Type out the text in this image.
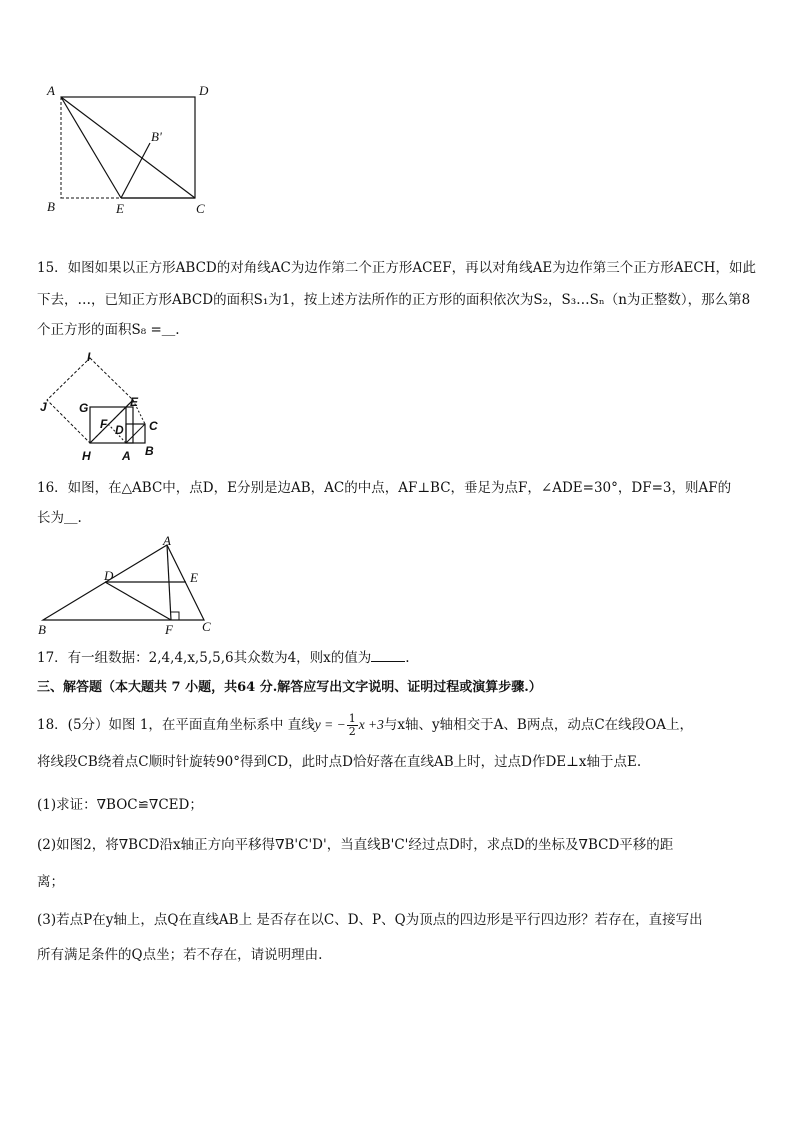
A	D
B'
B	E	C
15．如图如果以正方形ABCD的对角线AC为边作第二个正方形ACEF，再以对角线AE为边作第三个正方形AECH，如此
下去，…，已知正方形ABCD的面积S₁为1，按上述方法所作的正方形的面积依次为S₂，S₃…Sₙ（n为正整数），那么第8
个正方形的面积S₈ =＿.
I
J	G	E
F D C
H	A B
16．如图，在△ABC中，点D，E分别是边AB，AC的中点，AF⊥BC，垂足为点F，∠ADE=30°，DF=3，则AF的
长为＿.
A
D	E
B	F C
17．有一组数据：2,4,4,x,5,5,6其众数为4，则x的值为	.
三、解答题（本大题共 7 小题，共64 分.解答应写出文字说明、证明过程或演算步骤.）
18．(5分）如图 1，在平面直角坐标系中 直线y = − $\frac{1}{2}$ x +3与x轴、y轴相交于A、B两点，动点C在线段OA上，
将线段CB绕着点C顺时针旋转90°得到CD，此时点D恰好落在直线AB上时，过点D作DE⊥x轴于点E.
(1)求证：∇BOC≌∇CED；
(2)如图2，将∇BCD沿x轴正方向平移得∇B'C'D'，当直线B'C'经过点D时，求点D的坐标及∇BCD平移的距
离；
(3)若点P在y轴上，点Q在直线AB上 是否存在以C、D、P、Q为顶点的四边形是平行四边形？若存在，直接写出
所有满足条件的Q点坐；若不存在，请说明理由.
